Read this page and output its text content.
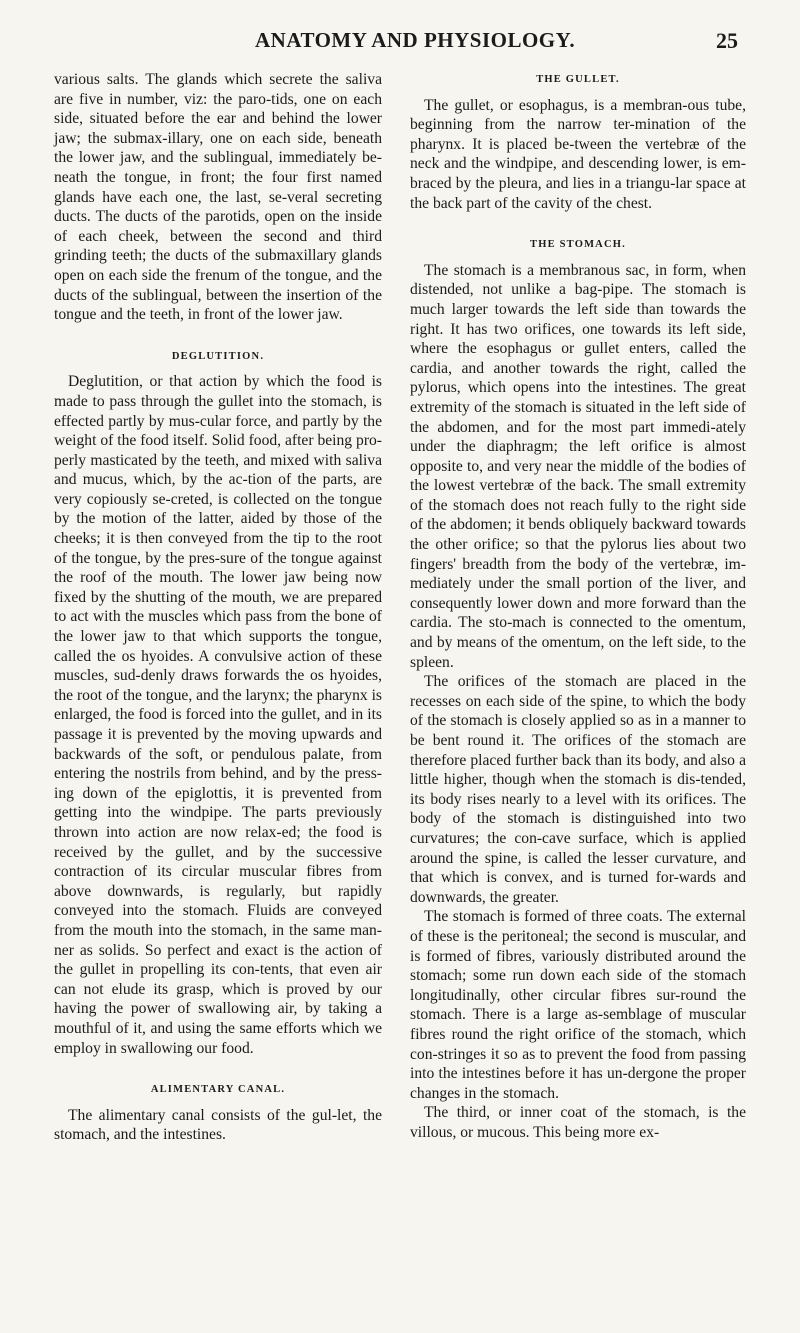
ANATOMY AND PHYSIOLOGY.	25

various salts. The glands which secrete the saliva are five in number, viz: the paro-tids, one on each side, situated before the ear and behind the lower jaw; the submax-illary, one on each side, beneath the lower jaw, and the sublingual, immediately be-neath the tongue, in front; the four first named glands have each one, the last, se-veral secreting ducts. The ducts of the parotids, open on the inside of each cheek, between the second and third grinding teeth; the ducts of the submaxillary glands open on each side the frenum of the tongue, and the ducts of the sublingual, between the insertion of the tongue and the teeth, in front of the lower jaw.

DEGLUTITION.

Deglutition, or that action by which the food is made to pass through the gullet into the stomach, is effected partly by mus-cular force, and partly by the weight of the food itself. Solid food, after being pro-perly masticated by the teeth, and mixed with saliva and mucus, which, by the ac-tion of the parts, are very copiously se-creted, is collected on the tongue by the motion of the latter, aided by those of the cheeks; it is then conveyed from the tip to the root of the tongue, by the pres-sure of the tongue against the roof of the mouth. The lower jaw being now fixed by the shutting of the mouth, we are prepared to act with the muscles which pass from the bone of the lower jaw to that which supports the tongue, called the os hyoides. A convulsive action of these muscles, sud-denly draws forwards the os hyoides, the root of the tongue, and the larynx; the pharynx is enlarged, the food is forced into the gullet, and in its passage it is prevented by the moving upwards and backwards of the soft, or pendulous palate, from entering the nostrils from behind, and by the press-ing down of the epiglottis, it is prevented from getting into the windpipe. The parts previously thrown into action are now relax-ed; the food is received by the gullet, and by the successive contraction of its circular muscular fibres from above downwards, is regularly, but rapidly conveyed into the stomach. Fluids are conveyed from the mouth into the stomach, in the same man-ner as solids. So perfect and exact is the action of the gullet in propelling its con-tents, that even air can not elude its grasp, which is proved by our having the power of swallowing air, by taking a mouthful of it, and using the same efforts which we employ in swallowing our food.

ALIMENTARY CANAL.

The alimentary canal consists of the gul-let, the stomach, and the intestines.

THE GULLET.

The gullet, or esophagus, is a membran-ous tube, beginning from the narrow ter-mination of the pharynx. It is placed be-tween the vertebræ of the neck and the windpipe, and descending lower, is em-braced by the pleura, and lies in a triangu-lar space at the back part of the cavity of the chest.

THE STOMACH.

The stomach is a membranous sac, in form, when distended, not unlike a bag-pipe. The stomach is much larger towards the left side than towards the right. It has two orifices, one towards its left side, where the esophagus or gullet enters, called the cardia, and another towards the right, called the pylorus, which opens into the intestines. The great extremity of the stomach is situated in the left side of the abdomen, and for the most part immedi-ately under the diaphragm; the left orifice is almost opposite to, and very near the middle of the bodies of the lowest vertebræ of the back. The small extremity of the stomach does not reach fully to the right side of the abdomen; it bends obliquely backward towards the other orifice; so that the pylorus lies about two fingers' breadth from the body of the vertebræ, im-mediately under the small portion of the liver, and consequently lower down and more forward than the cardia. The sto-mach is connected to the omentum, and by means of the omentum, on the left side, to the spleen.

The orifices of the stomach are placed in the recesses on each side of the spine, to which the body of the stomach is closely applied so as in a manner to be bent round it. The orifices of the stomach are therefore placed further back than its body, and also a little higher, though when the stomach is dis-tended, its body rises nearly to a level with its orifices. The body of the stomach is distinguished into two curvatures; the con-cave surface, which is applied around the spine, is called the lesser curvature, and that which is convex, and is turned for-wards and downwards, the greater.

The stomach is formed of three coats. The external of these is the peritoneal; the second is muscular, and is formed of fibres, variously distributed around the stomach; some run down each side of the stomach longitudinally, other circular fibres sur-round the stomach. There is a large as-semblage of muscular fibres round the right orifice of the stomach, which con-stringes it so as to prevent the food from passing into the intestines before it has un-dergone the proper changes in the stomach.

The third, or inner coat of the stomach, is the villous, or mucous. This being more ex-
